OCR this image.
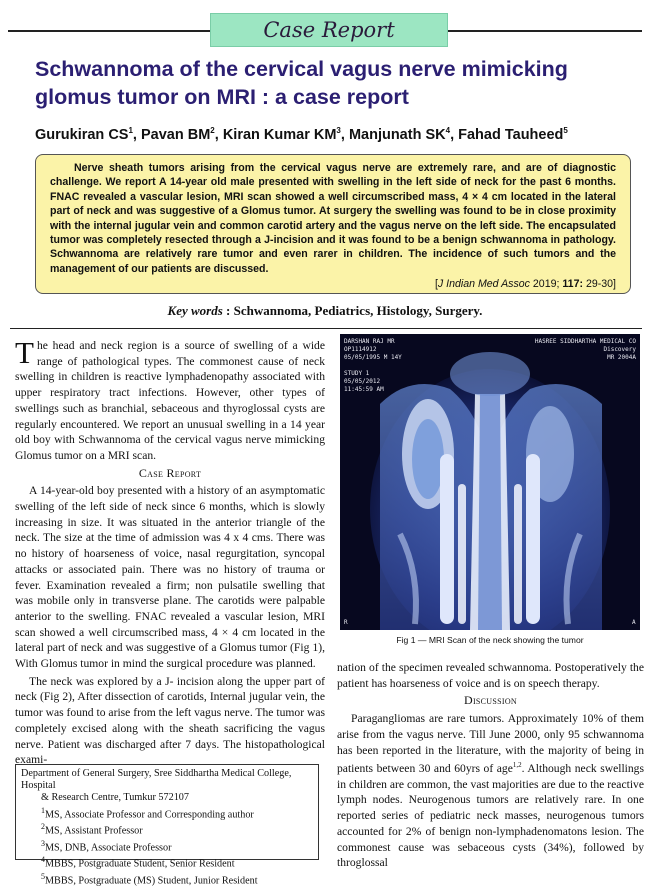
Case Report
Schwannoma of the cervical vagus nerve mimicking glomus tumor on MRI : a case report

Gurukiran $CS^1$, Pavan $BM^2$, Kiran Kumar $KM^3$, Manjunath $SK^4$, Fahad Tauheed$^5$

Nerve sheath tumors arising from the cervical vagus nerve are extremely rare, and are of diagnostic challenge. We report A 14-year old male presented with swelling in the left side of neck for the past 6 months. FNAC revealed a vascular lesion, MRI scan showed a well circumscribed mass, 4 × 4 cm located in the lateral part of neck and was suggestive of a Glomus tumor. At surgery the swelling was found to be in close proximity with the internal jugular vein and common carotid artery and the vagus nerve on the left side. The encapsulated tumor was completely resected through a J-incision and it was found to be a benign schwannoma in pathology. Schwannoma are relatively rare tumor and even rarer in children. The incidence of such tumors and the management of our patients are discussed.

[J Indian Med Assoc 2019; 117: 29-30]

Key words : Schwannoma, Pediatrics, Histology, Surgery.

The head and neck region is a source of swelling of a wide range of pathological types. The commonest cause of neck swelling in children is reactive lymphadenopathy associated with upper respiratory tract infections. However, other types of swellings such as branchial, sebaceous and thyroglossal cysts are regularly encountered. We report an unusual swelling in a 14 year old boy with Schwannoma of the cervical vagus nerve mimicking Glomus tumor on a MRI scan.

Case Report

A 14-year-old boy presented with a history of an asymptomatic swelling of the left side of neck since 6 months, which is slowly increasing in size. It was situated in the anterior triangle of the neck. The size at the time of admission was 4 x 4 cms. There was no history of hoarseness of voice, nasal regurgitation, syncopal attacks or associated pain. There was no history of trauma or fever. Examination revealed a firm; non pulsatile swelling that was mobile only in transverse plane. The carotids were palpable anterior to the swelling. FNAC revealed a vascular lesion, MRI scan showed a well circumscribed mass, 4 × 4 cm located in the lateral part of neck and was suggestive of a Glomus tumor (Fig 1), With Glomus tumor in mind the surgical procedure was planned.

The neck was explored by a J- incision along the upper part of neck (Fig 2), After dissection of carotids, Internal jugular vein, the tumor was found to arise from the left vagus nerve. The tumor was completely excised along with the sheath sacrificing the vagus nerve. Patient was discharged after 7 days. The histopathological exami-

Department of General Surgery, Sree Siddhartha Medical College, Hospital
& Research Centre, Tumkur 572107
$^1$MS, Associate Professor and Corresponding author
$^2$MS, Assistant Professor
$^3$MS, DNB, Associate Professor
$^4$MBBS, Postgraduate Student, Senior Resident
$^5$MBBS, Postgraduate (MS) Student, Junior Resident
DARSHAN RAJ MR
OP1114912
05/05/1995 M 14Y
STUDY 1
05/05/2012
11:45:59 AM
HASREE SIDDHARTHA MEDICAL CO
Discovery
MR 2004A
R	A

Fig 1 — MRI Scan of the neck showing the tumor

nation of the specimen revealed schwannoma. Postoperatively the patient has hoarseness of voice and is on speech therapy.

Discussion

Paragangliomas are rare tumors. Approximately 10% of them arise from the vagus nerve. Till June 2000, only 95 schwannoma has been reported in the literature, with the majority of being in patients between 30 and 60yrs of age$^{1,2}$. Although neck swellings in children are common, the vast majorities are due to the reactive lymph nodes. Neurogenous tumors are relatively rare. In one reported series of pediatric neck masses, neurogenous tumors accounted for 2% of benign non-lymphadenomatons lesion. The commonest cause was sebaceous cysts (34%), followed by throglossal
